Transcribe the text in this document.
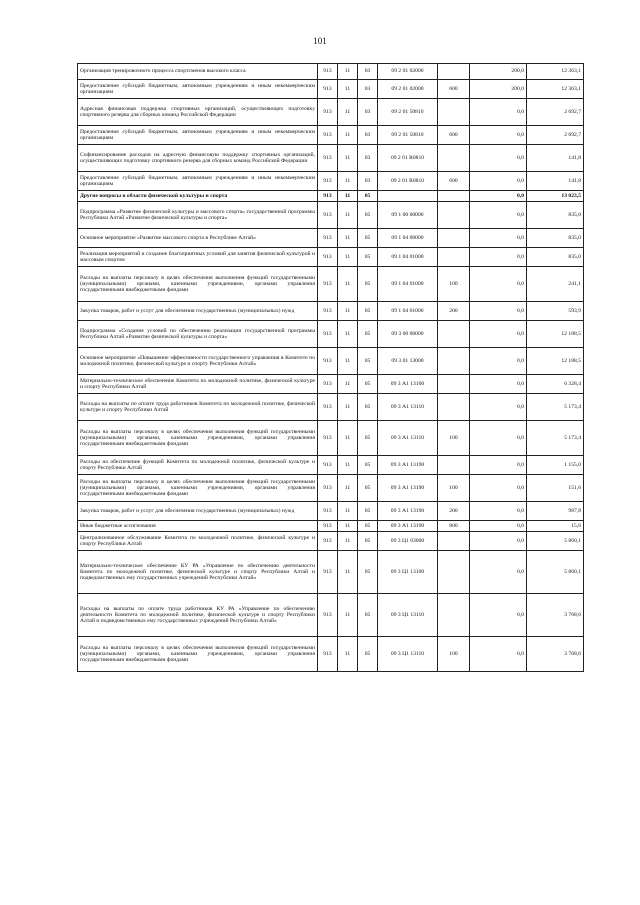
101
Организация тренировочного процесса спортсменов высокого класса	913	11	03	09 2 01 02000		200,0	12 363,1
Предоставление субсидий бюджетным, автономным учреждениям и иным некоммерческим организациям	913	11	03	09 2 01 02000	600	200,0	12 363,1
Адресная финансовая поддержка спортивных организаций, осуществляющих подготовку спортивного резерва для сборных команд Российской Федерации	913	11	03	09 2 01 50810		0,0	2 692,7
Предоставление субсидий бюджетным, автономным учреждениям и иным некоммерческим организациям	913	11	03	09 2 01 50810	600	0,0	2 692,7
Софинансирование расходов на адресную финансовую поддержку спортивных организаций, осуществляющих подготовку спортивного резерва для сборных команд Российской Федерации	913	11	03	09 2 01 R0810		0,0	141,8
Предоставление субсидий бюджетным, автономным учреждениям и иным некоммерческим организациям	913	11	03	09 2 01 R0810	600	0,0	141,8
Другие вопросы в области физической культуры и спорта	913	11	05			0,0	13 023,5
Подпрограмма «Развитие физической культуры и массового спорта» государственной программы Республики Алтай «Развитие физической культуры и спорта»	913	11	05	09 1 00 00000		0,0	835,0
Основное мероприятие «Развитие массового спорта в Республике Алтай»	913	11	05	09 1 04 00000		0,0	835,0
Реализация мероприятий и создание благоприятных условий для занятия физической культурой и массовым спортом	913	11	05	09 1 04 01000		0,0	835,0
Расходы на выплаты персоналу в целях обеспечения выполнения функций государственными (муниципальными) органами, казенными учреждениями, органами управления государственными внебюджетными фондами	913	11	05	09 1 04 01000	100	0,0	241,1
Закупка товаров, работ и услуг для обеспечения государственных (муниципальных) нужд	913	11	05	09 1 04 01000	200	0,0	593,9
Подпрограмма «Создание условий по обеспечению реализации государственной программы Республики Алтай «Развитие физической культуры и спорта»	913	11	05	09 3 00 00000		0,0	12 188,5
Основное мероприятие «Повышение эффективности государственного управления в Комитете по молодежной политике, физической культуре и спорту Республики Алтай»	913	11	05	09 3 01 13000		0,0	12 188,5
Материально-техническое обеспечение Комитета по молодежной политике, физической культуре и спорту Республики Алтай	913	11	05	09 3 А1 13100		0,0	6 328,4
Расходы на выплаты по оплате труда работников Комитета по молодежной политике, физической культуре и спорту Республики Алтай	913	11	05	09 3 А1 13110		0,0	5 173,4
Расходы на выплаты персоналу в целях обеспечения выполнения функций государственными (муниципальными) органами, казенными учреждениями, органами управления государственными внебюджетными фондами	913	11	05	09 3 А1 13110	100	0,0	5 173,4
Расходы на обеспечение функций Комитета по молодежной политике, физической культуре и спорту Республики Алтай	913	11	05	09 3 А1 13190		0,0	1 155,0
Расходы на выплаты персоналу в целях обеспечения выполнения функций государственными (муниципальными) органами, казенными учреждениями, органами управления государственными внебюджетными фондами	913	11	05	09 3 А1 13190	100	0,0	151,6
Закупка товаров, работ и услуг для обеспечения государственных (муниципальных) нужд	913	11	05	09 3 А1 13190	200	0,0	987,8
Иные бюджетные ассигнования	913	11	05	09 3 А1 13190	800	0,0	15,6
Централизованное обслуживание Комитета по молодежной политике, физической культуре и спорту Республики Алтай	913	11	05	09 3 Ц1 03000		0,0	5 860,1
Материально-техническое обеспечение КУ РА «Управление по обеспечению деятельности Комитета по молодежной политике, физической культуре и спорту Республики Алтай и подведомственных ему государственных учреждений Республики Алтай»	913	11	05	09 3 Ц1 13100		0,0	5 860,1
Расходы на выплаты по оплате труда работников КУ РА «Управление по обеспечению деятельности Комитета по молодежной политике, физической культуре и спорту Республики Алтай и подведомственных ему государственных учреждений Республики Алтай»	913	11	05	09 3 Ц1 13110		0,0	3 768,6
Расходы на выплаты персоналу в целях обеспечения выполнения функций государственными (муниципальными) органами, казенными учреждениями, органами управления государственными внебюджетными фондами	913	11	05	09 3 Ц1 13110	100	0,0	3 768,6
